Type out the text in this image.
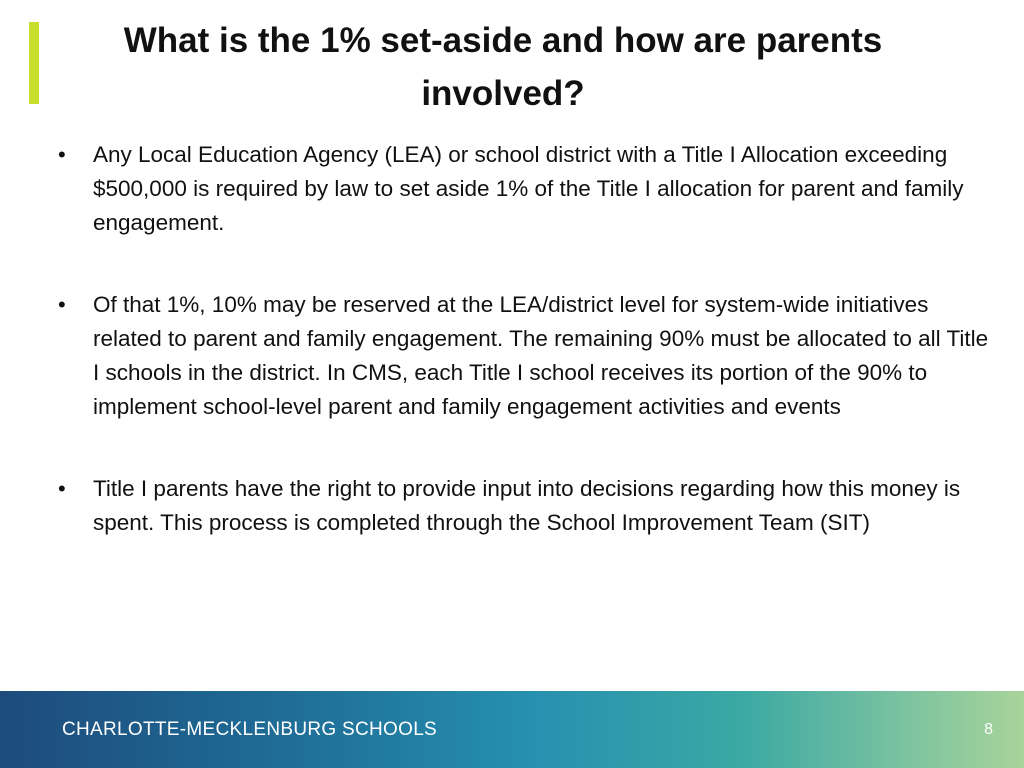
What is the 1% set-aside and how are parents involved?
• Any Local Education Agency (LEA) or school district with a Title I Allocation exceeding $500,000 is required by law to set aside 1% of the Title I allocation for parent and family engagement.
• Of that 1%, 10% may be reserved at the LEA/district level for system-wide initiatives related to parent and family engagement. The remaining 90% must be allocated to all Title I schools in the district. In CMS, each Title I school receives its portion of the 90% to implement school-level parent and family engagement activities and events
• Title I parents have the right to provide input into decisions regarding how this money is spent. This process is completed through the School Improvement Team (SIT)
CHARLOTTE-MECKLENBURG SCHOOLS	8
